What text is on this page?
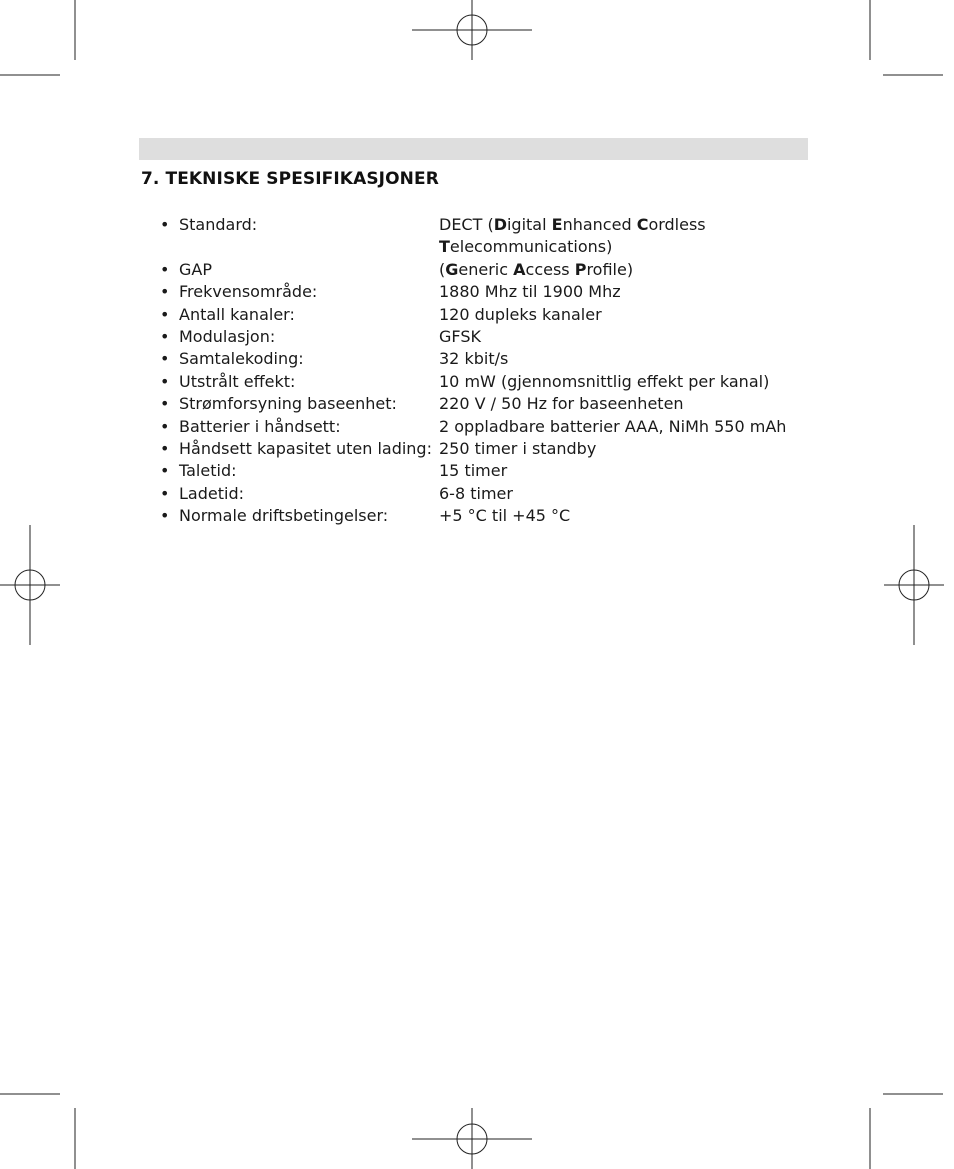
7. TEKNISKE SPESIFIKASJONER
• Standard:	DECT (Digital Enhanced Cordless
Telecommunications)
• GAP	(Generic Access Profile)
• Frekvensområde:	1880 Mhz til 1900 Mhz
• Antall kanaler:	120 dupleks kanaler
• Modulasjon:	GFSK
• Samtalekoding:	32 kbit/s
• Utstrålt effekt:	10 mW (gjennomsnittlig effekt per kanal)
• Strømforsyning baseenhet:	220 V / 50 Hz for baseenheten
• Batterier i håndsett:	2 oppladbare batterier AAA, NiMh 550 mAh
• Håndsett kapasitet uten lading: 250 timer i standby
• Taletid:	15 timer
• Ladetid:	6-8 timer
• Normale driftsbetingelser:	+5 °C til +45 °C
